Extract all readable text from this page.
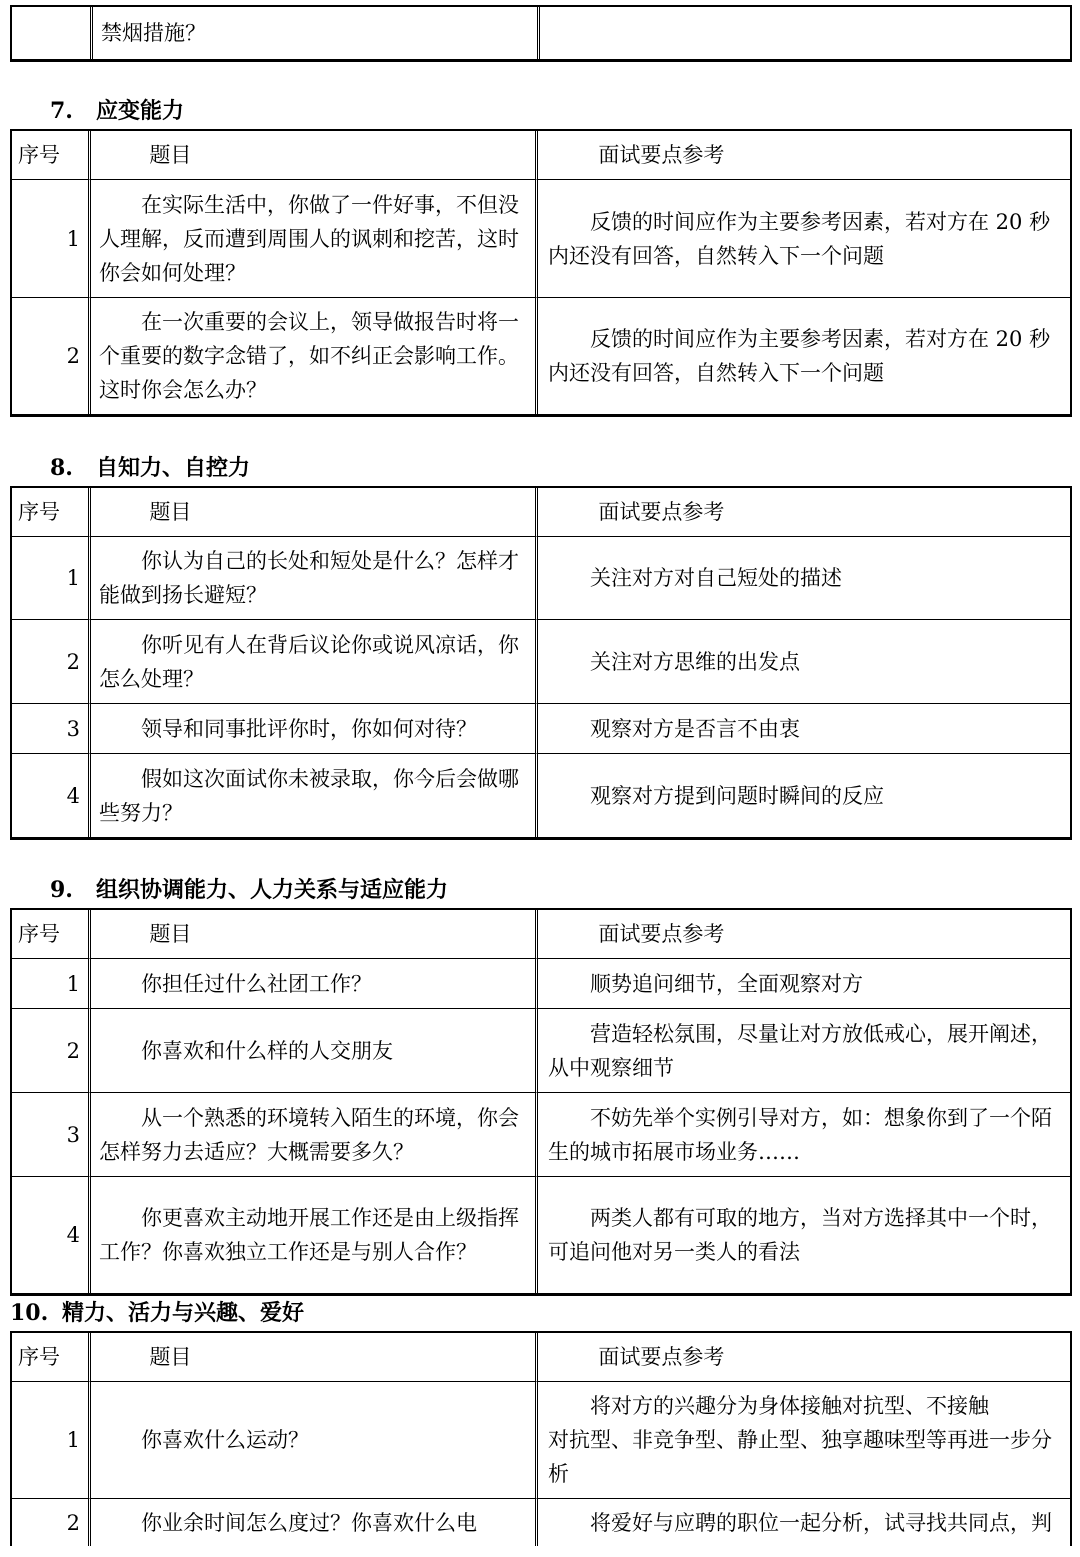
	禁烟措施？	
7. 应变能力
序号	题目	面试要点参考
1	在实际生活中，你做了一件好事，不但没人理解，反而遭到周围人的讽刺和挖苦，这时你会如何处理？	反馈的时间应作为主要参考因素，若对方在 20 秒内还没有回答，自然转入下一个问题

2	在一次重要的会议上，领导做报告时将一个重要的数字念错了，如不纠正会影响工作。这时你会怎么办？	反馈的时间应作为主要参考因素，若对方在 20 秒内还没有回答，自然转入下一个问题
8. 自知力、自控力
序号	题目	面试要点参考
1	你认为自己的长处和短处是什么？怎样才能做到扬长避短？	关注对方对自己短处的描述

2	你听见有人在背后议论你或说风凉话，你怎么处理？	关注对方思维的出发点

3	领导和同事批评你时，你如何对待？	观察对方是否言不由衷

4	假如这次面试你未被录取，你今后会做哪些努力？	观察对方提到问题时瞬间的反应
9. 组织协调能力、人力关系与适应能力
序号	题目	面试要点参考
1	你担任过什么社团工作？	顺势追问细节，全面观察对方

2	你喜欢和什么样的人交朋友	营造轻松氛围，尽量让对方放低戒心，展开阐述，从中观察细节

3	从一个熟悉的环境转入陌生的环境，你会怎样努力去适应？大概需要多久？	不妨先举个实例引导对方，如：想象你到了一个陌生的城市拓展市场业务……

4	你更喜欢主动地开展工作还是由上级指挥工作？你喜欢独立工作还是与别人合作？	两类人都有可取的地方，当对方选择其中一个时，可追问他对另一类人的看法
10. 精力、活力与兴趣、爱好
序号	题目	面试要点参考
1	你喜欢什么运动？	将对方的兴趣分为身体接触对抗型、不接触
对抗型、非竞争型、静止型、独享趣味型等再进一步分析

2	你业余时间怎么度过？你喜欢什么电	将爱好与应聘的职位一起分析，试寻找共同点，判
